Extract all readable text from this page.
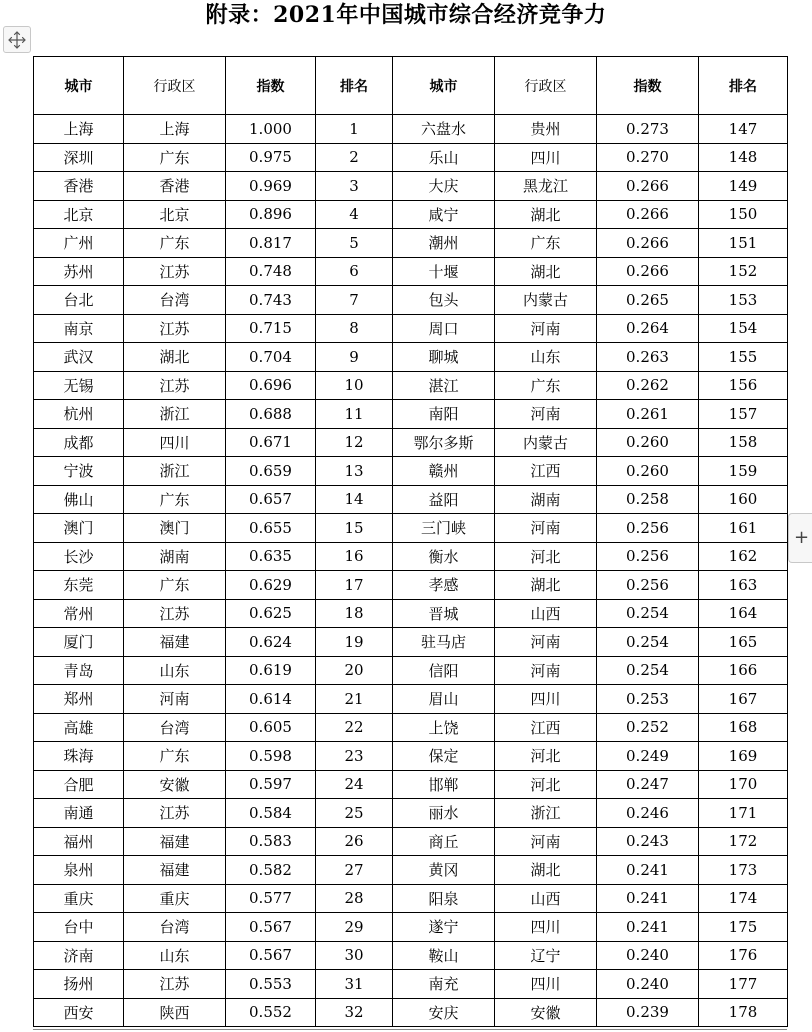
附录：2021年中国城市综合经济竞争力
+
城市	行政区	指数	排名	城市	行政区	指数	排名
上海	上海	1.000	1	六盘水	贵州	0.273	147
深圳	广东	0.975	2	乐山	四川	0.270	148
香港	香港	0.969	3	大庆	黑龙江	0.266	149
北京	北京	0.896	4	咸宁	湖北	0.266	150
广州	广东	0.817	5	潮州	广东	0.266	151
苏州	江苏	0.748	6	十堰	湖北	0.266	152
台北	台湾	0.743	7	包头	内蒙古	0.265	153
南京	江苏	0.715	8	周口	河南	0.264	154
武汉	湖北	0.704	9	聊城	山东	0.263	155
无锡	江苏	0.696	10	湛江	广东	0.262	156
杭州	浙江	0.688	11	南阳	河南	0.261	157
成都	四川	0.671	12	鄂尔多斯	内蒙古	0.260	158
宁波	浙江	0.659	13	赣州	江西	0.260	159
佛山	广东	0.657	14	益阳	湖南	0.258	160
澳门	澳门	0.655	15	三门峡	河南	0.256	161
长沙	湖南	0.635	16	衡水	河北	0.256	162
东莞	广东	0.629	17	孝感	湖北	0.256	163
常州	江苏	0.625	18	晋城	山西	0.254	164
厦门	福建	0.624	19	驻马店	河南	0.254	165
青岛	山东	0.619	20	信阳	河南	0.254	166
郑州	河南	0.614	21	眉山	四川	0.253	167
高雄	台湾	0.605	22	上饶	江西	0.252	168
珠海	广东	0.598	23	保定	河北	0.249	169
合肥	安徽	0.597	24	邯郸	河北	0.247	170
南通	江苏	0.584	25	丽水	浙江	0.246	171
福州	福建	0.583	26	商丘	河南	0.243	172
泉州	福建	0.582	27	黄冈	湖北	0.241	173
重庆	重庆	0.577	28	阳泉	山西	0.241	174
台中	台湾	0.567	29	遂宁	四川	0.241	175
济南	山东	0.567	30	鞍山	辽宁	0.240	176
扬州	江苏	0.553	31	南充	四川	0.240	177
西安	陕西	0.552	32	安庆	安徽	0.239	178
